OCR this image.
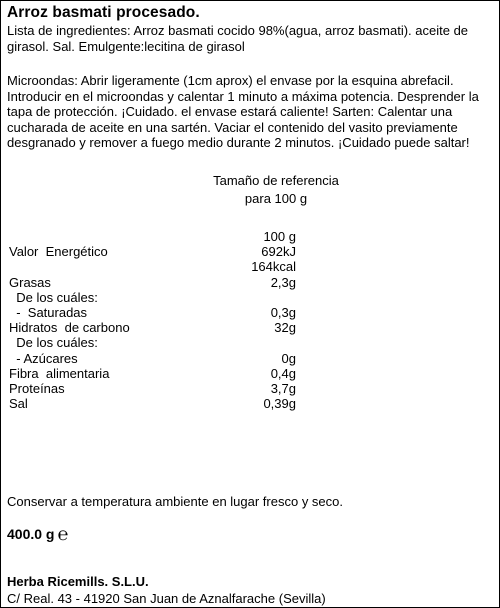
Arroz basmati procesado.
Lista de ingredientes: Arroz basmati cocido 98%(agua, arroz basmati). aceite de
girasol. Sal. Emulgente:lecitina de girasol
Microondas: Abrir ligeramente (1cm aprox) el envase por la esquina abrefacil.
Introducir en el microondas y calentar 1 minuto a máxima potencia. Desprender la
tapa de protección. ¡Cuidado. el envase estará caliente! Sarten: Calentar una
cucharada de aceite en una sartén. Vaciar el contenido del vasito previamente
desgranado y remover a fuego medio durante 2 minutos. ¡Cuidado puede saltar!
Tamaño de referencia
para 100 g
100 g
Valor  Energético	692kJ
164kcal
Grasas	2,3g
De los cuáles:
-  Saturadas	0,3g
Hidratos  de carbono	32g
De los cuáles:
- Azúcares	0g
Fibra  alimentaria	0,4g
Proteínas	3,7g
Sal	0,39g
Conservar a temperatura ambiente en lugar fresco y seco.
400.0 g ℮
Herba Ricemills. S.L.U.
C/ Real. 43 - 41920 San Juan de Aznalfarache (Sevilla)
